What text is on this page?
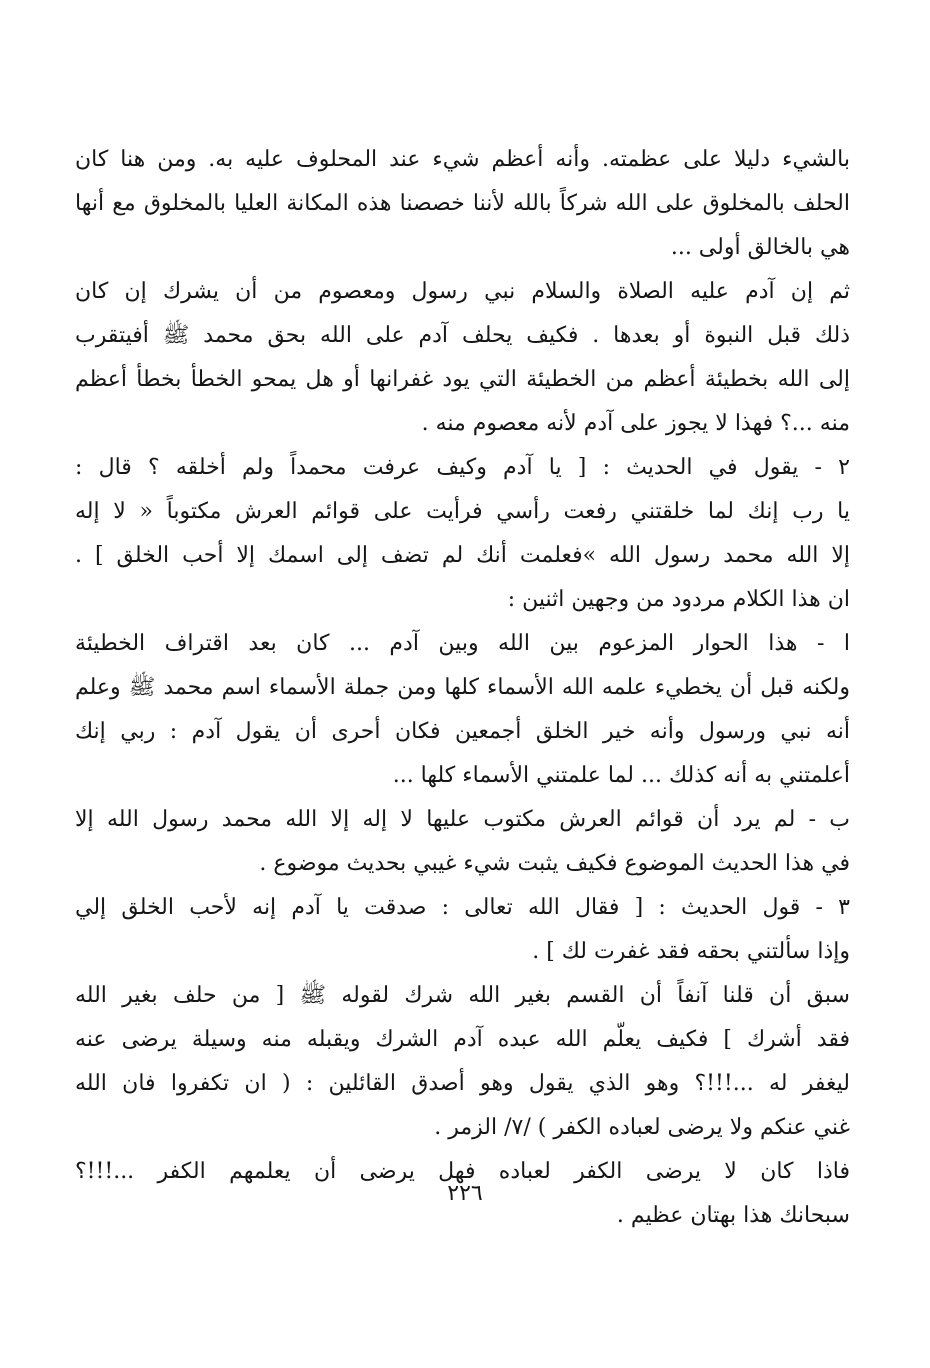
بالشيء دليلا على عظمته. وأنه أعظم شيء عند المحلوف عليه به. ومن هنا كان
الحلف بالمخلوق على الله شركاً بالله لأننا خصصنا هذه المكانة العليا بالمخلوق مع أنها
هي بالخالق أولى ...
ثم إن آدم عليه الصلاة والسلام نبي رسول ومعصوم من أن يشرك إن كان
ذلك قبل النبوة أو بعدها . فكيف يحلف آدم على الله بحق محمد ﷺ أفيتقرب
إلى الله بخطيئة أعظم من الخطيئة التي يود غفرانها أو هل يمحو الخطأ بخطأ أعظم
منه ...؟ فهذا لا يجوز على آدم لأنه معصوم منه .
٢ - يقول في الحديث : [ يا آدم وكيف عرفت محمداً ولم أخلقه ؟ قال :
يا رب إنك لما خلقتني رفعت رأسي فرأيت على قوائم العرش مكتوباً « لا إله
إلا الله محمد رسول الله »فعلمت أنك لم تضف إلى اسمك إلا أحب الخلق ] .
ان هذا الكلام مردود من وجهين اثنين :
ا - هذا الحوار المزعوم بين الله وبين آدم ... كان بعد اقتراف الخطيئة
ولكنه قبل أن يخطيء علمه الله الأسماء كلها ومن جملة الأسماء اسم محمد ﷺ وعلم
أنه نبي ورسول وأنه خير الخلق أجمعين فكان أحرى أن يقول آدم : ربي إنك
أعلمتني به أنه كذلك ... لما علمتني الأسماء كلها ...
ب - لم يرد أن قوائم العرش مكتوب عليها لا إله إلا الله محمد رسول الله إلا
في هذا الحديث الموضوع فكيف يثبت شيء غيبي بحديث موضوع .
٣ - قول الحديث : [ فقال الله تعالى : صدقت يا آدم إنه لأحب الخلق إلي
وإذا سألتني بحقه فقد غفرت لك ] .
سبق أن قلنا آنفاً أن القسم بغير الله شرك لقوله ﷺ [ من حلف بغير الله
فقد أشرك ] فكيف يعلّم الله عبده آدم الشرك ويقبله منه وسيلة يرضى عنه
ليغفر له ...!!!؟ وهو الذي يقول وهو أصدق القائلين : ( ان تكفروا فان الله
غني عنكم ولا يرضى لعباده الكفر ) /٧/ الزمر .
فاذا كان لا يرضى الكفر لعباده فهل يرضى أن يعلمهم الكفر ...!!!؟
سبحانك هذا بهتان عظيم .
٢٢٦
